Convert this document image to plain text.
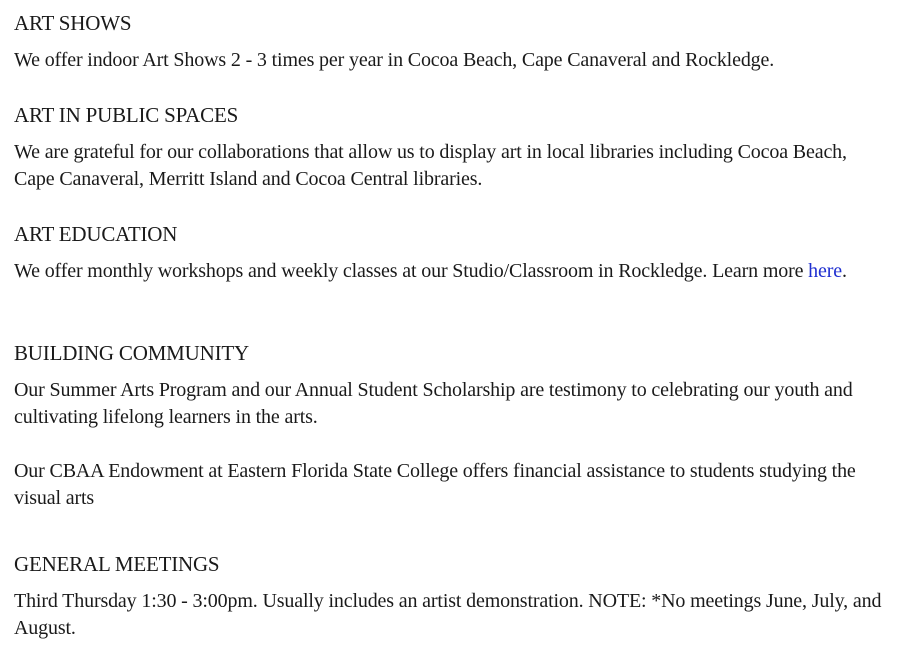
ART SHOWS

We offer indoor Art Shows 2 - 3 times per year in Cocoa Beach, Cape Canaveral and Rockledge.

ART IN PUBLIC SPACES

We are grateful for our collaborations that allow us to display art in local libraries including Cocoa Beach, Cape Canaveral, Merritt Island and Cocoa Central libraries.

ART EDUCATION

We offer monthly workshops and weekly classes at our Studio/Classroom in Rockledge. Learn more here.

BUILDING COMMUNITY

Our Summer Arts Program and our Annual Student Scholarship are testimony to celebrating our youth and cultivating lifelong learners in the arts.

Our CBAA Endowment at Eastern Florida State College offers financial assistance to students studying the visual arts

GENERAL MEETINGS

Third Thursday 1:30 - 3:00pm. Usually includes an artist demonstration. NOTE: *No meetings June, July, and August.
